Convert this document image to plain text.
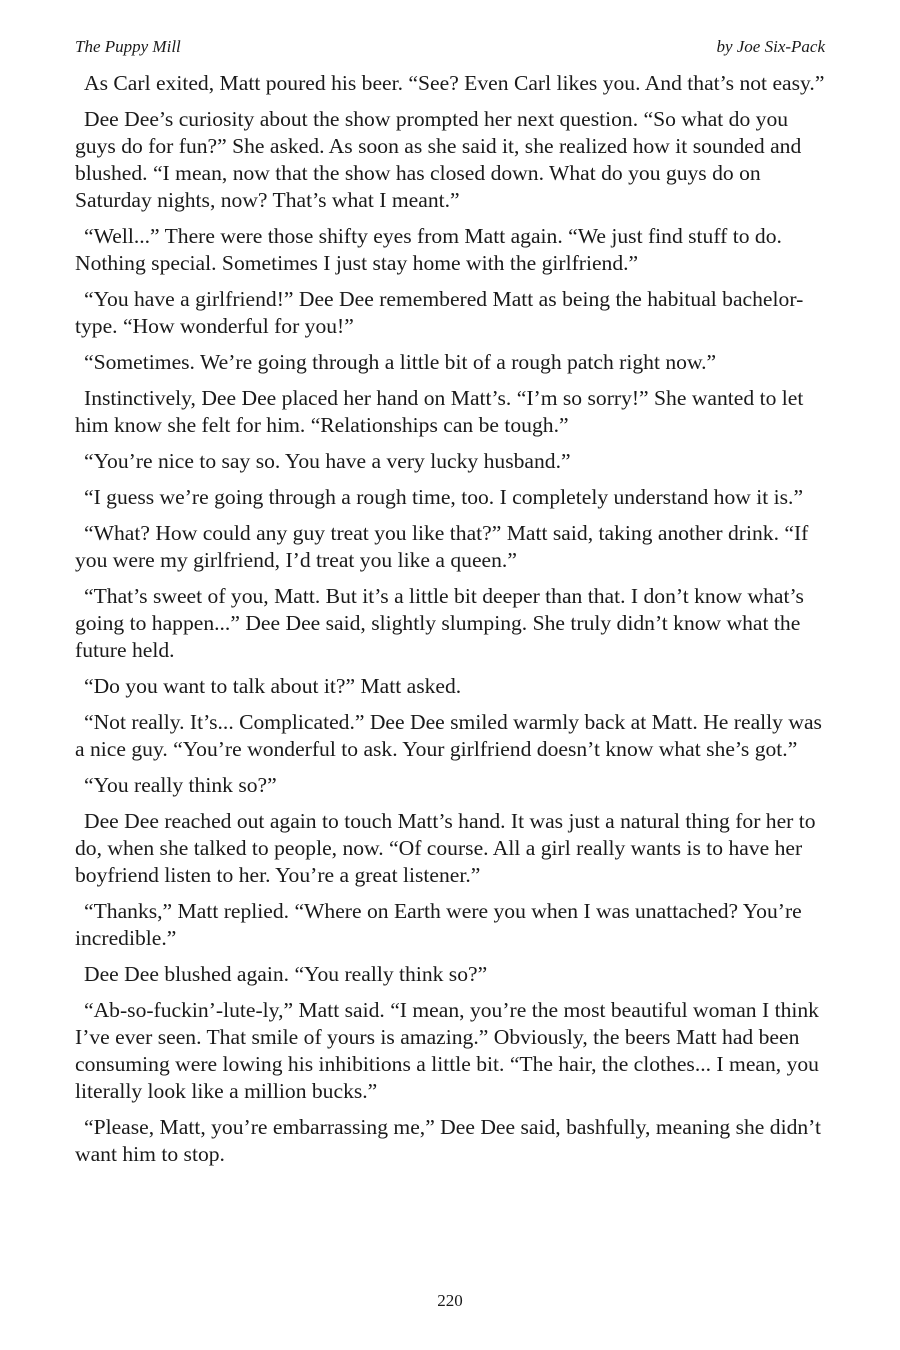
The Puppy Mill	by Joe Six-Pack

As Carl exited, Matt poured his beer. “See? Even Carl likes you. And that’s not easy.”

Dee Dee’s curiosity about the show prompted her next question. “So what do you guys do for fun?” She asked. As soon as she said it, she realized how it sounded and blushed. “I mean, now that the show has closed down. What do you guys do on Saturday nights, now? That’s what I meant.”

“Well...” There were those shifty eyes from Matt again. “We just find stuff to do. Nothing special. Sometimes I just stay home with the girlfriend.”

“You have a girlfriend!” Dee Dee remembered Matt as being the habitual bachelor-type. “How wonderful for you!”

“Sometimes. We’re going through a little bit of a rough patch right now.”

Instinctively, Dee Dee placed her hand on Matt’s. “I’m so sorry!” She wanted to let him know she felt for him. “Relationships can be tough.”

“You’re nice to say so. You have a very lucky husband.”

“I guess we’re going through a rough time, too. I completely understand how it is.”

“What? How could any guy treat you like that?” Matt said, taking another drink. “If you were my girlfriend, I’d treat you like a queen.”

“That’s sweet of you, Matt. But it’s a little bit deeper than that. I don’t know what’s going to happen...” Dee Dee said, slightly slumping. She truly didn’t know what the future held.

“Do you want to talk about it?” Matt asked.

“Not really. It’s... Complicated.” Dee Dee smiled warmly back at Matt. He really was a nice guy. “You’re wonderful to ask. Your girlfriend doesn’t know what she’s got.”

“You really think so?”

Dee Dee reached out again to touch Matt’s hand. It was just a natural thing for her to do, when she talked to people, now. “Of course. All a girl really wants is to have her boyfriend listen to her. You’re a great listener.”

“Thanks,” Matt replied. “Where on Earth were you when I was unattached? You’re incredible.”

Dee Dee blushed again. “You really think so?”

“Ab-so-fuckin’-lute-ly,” Matt said. “I mean, you’re the most beautiful woman I think I’ve ever seen. That smile of yours is amazing.” Obviously, the beers Matt had been consuming were lowing his inhibitions a little bit. “The hair, the clothes... I mean, you literally look like a million bucks.”

“Please, Matt, you’re embarrassing me,” Dee Dee said, bashfully, meaning she didn’t want him to stop.

220
